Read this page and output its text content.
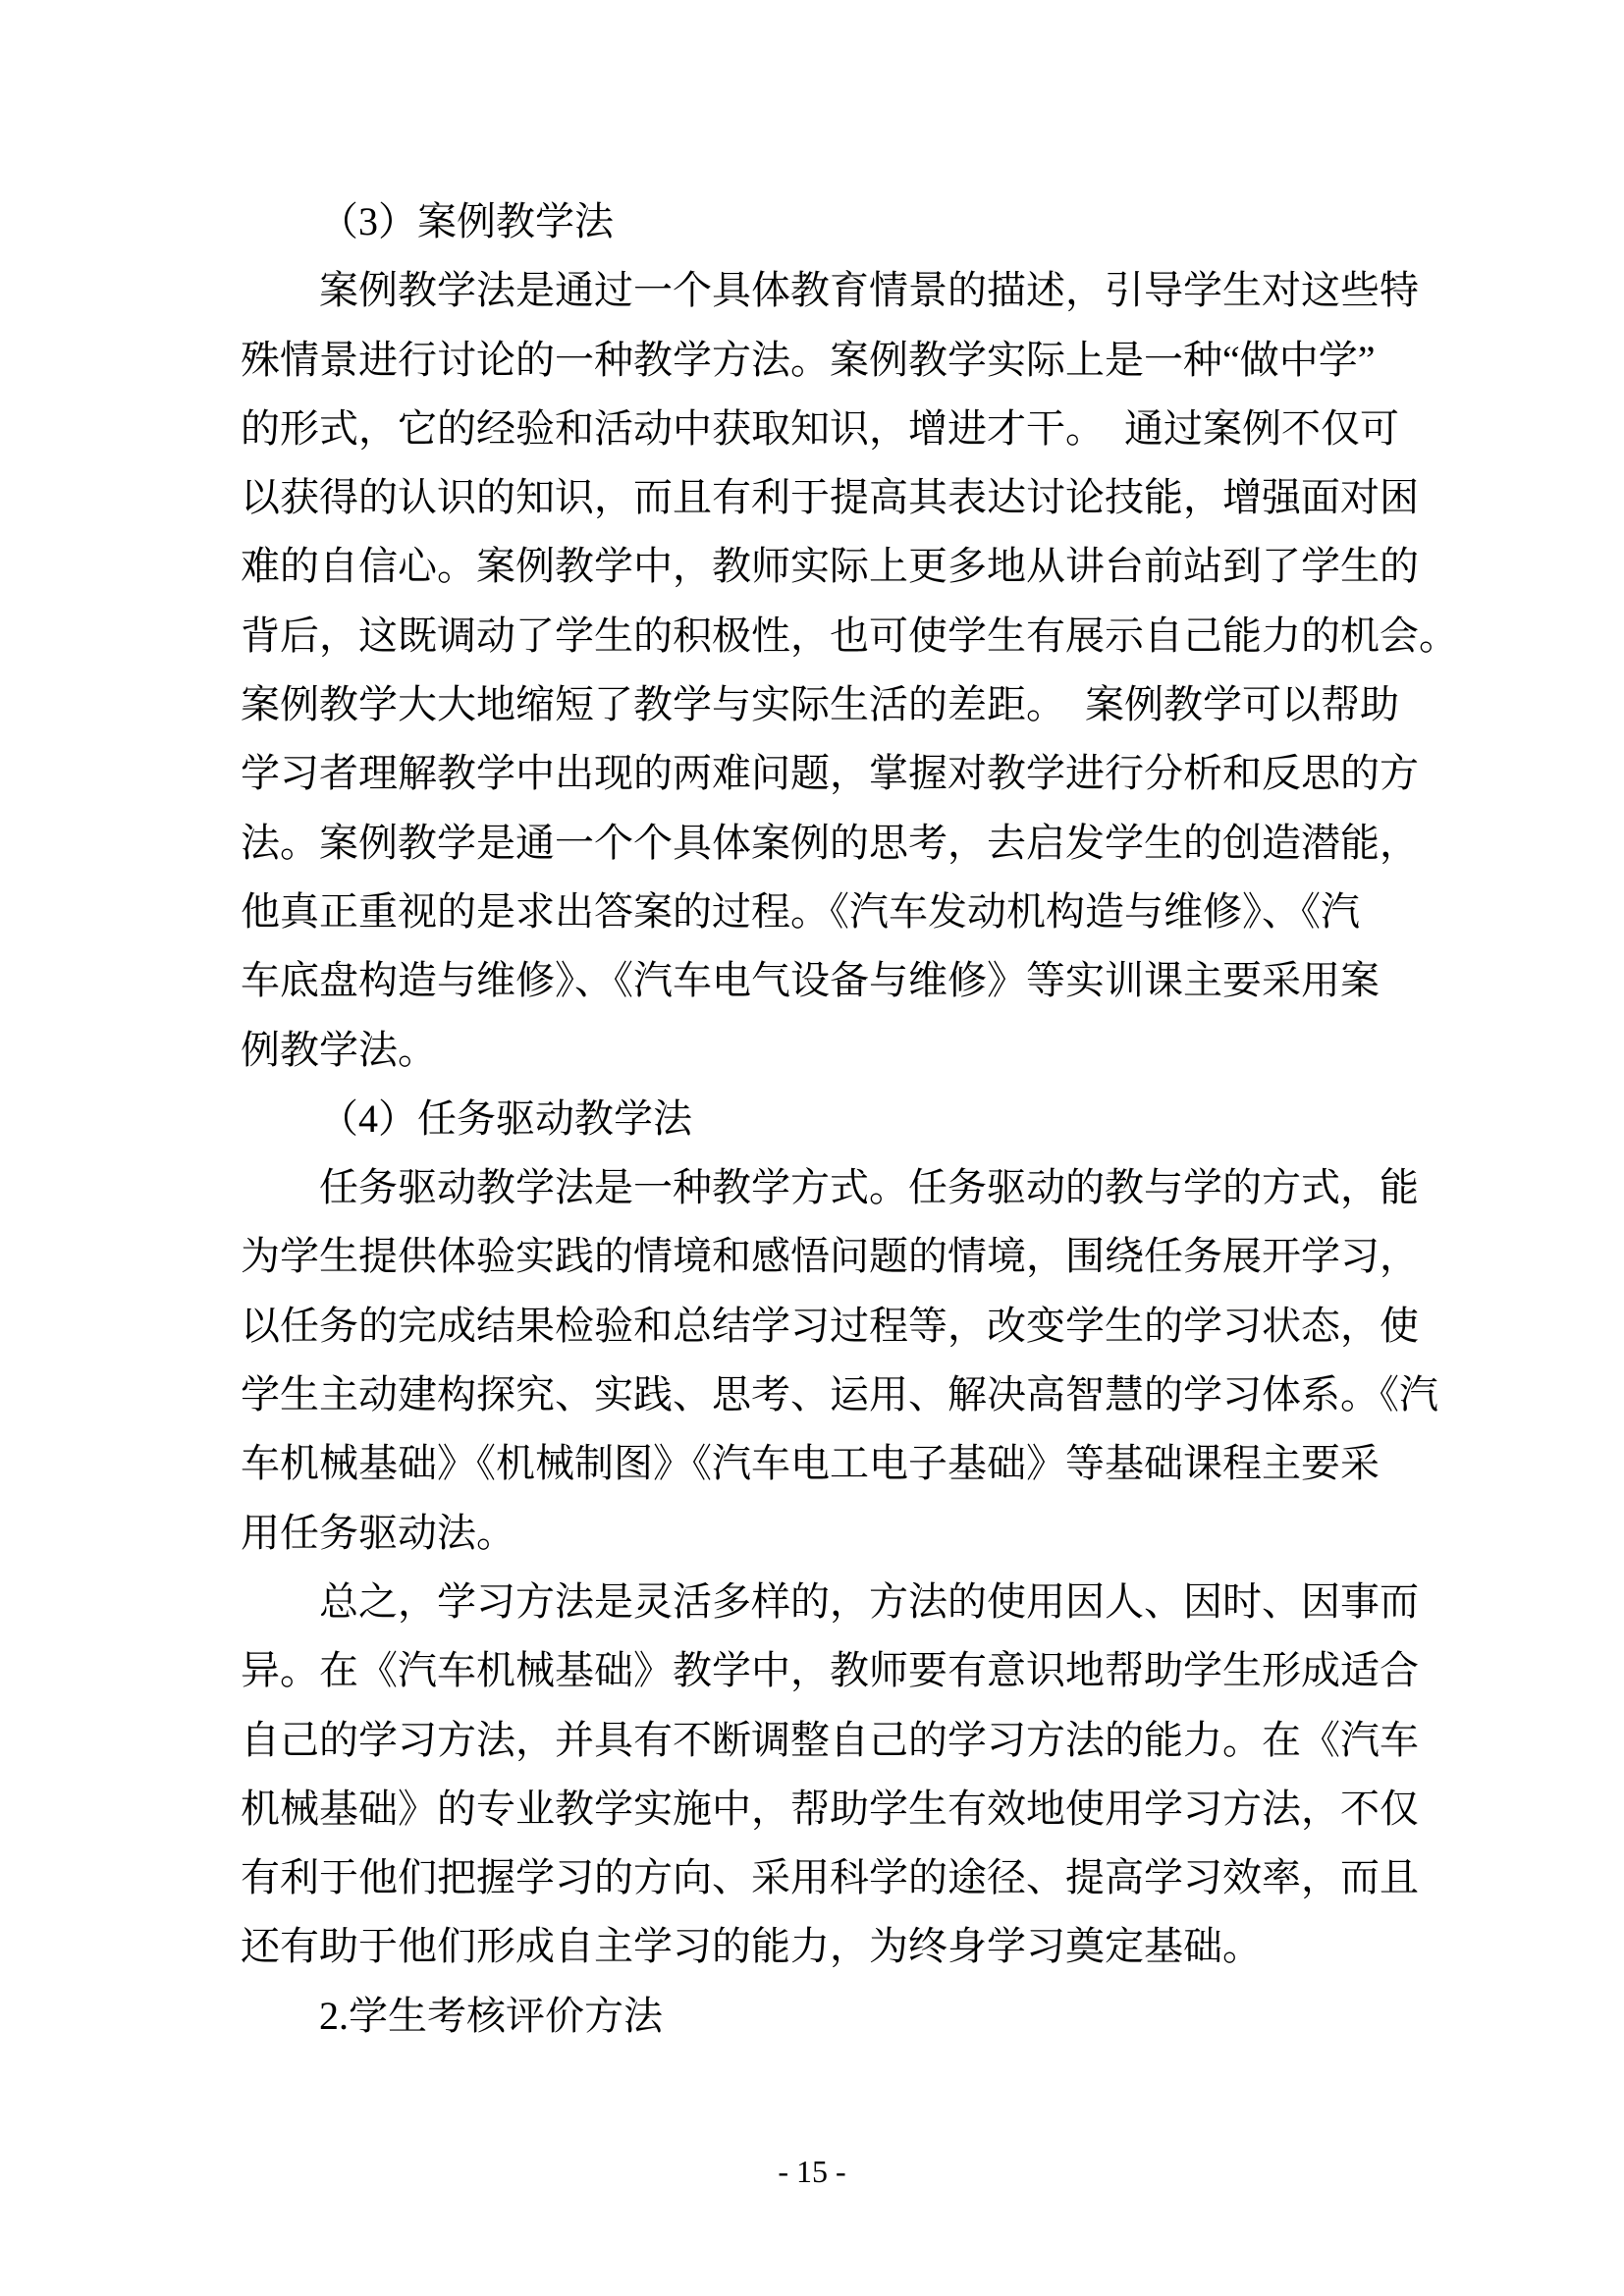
（3）案例教学法
案例教学法是通过一个具体教育情景的描述，引导学生对这些特
殊情景进行讨论的一种教学方法。案例教学实际上是一种“做中学”
的形式，它的经验和活动中获取知识，增进才干。　通过案例不仅可
以获得的认识的知识，而且有利于提高其表达讨论技能，增强面对困
难的自信心。案例教学中，教师实际上更多地从讲台前站到了学生的
背后，这既调动了学生的积极性，也可使学生有展示自己能力的机会。
案例教学大大地缩短了教学与实际生活的差距。　案例教学可以帮助
学习者理解教学中出现的两难问题，掌握对教学进行分析和反思的方
法。案例教学是通一个个具体案例的思考，去启发学生的创造潜能，
他真正重视的是求出答案的过程。《汽车发动机构造与维修》、《汽
车底盘构造与维修》、《汽车电气设备与维修》等实训课主要采用案
例教学法。
（4）任务驱动教学法
任务驱动教学法是一种教学方式。任务驱动的教与学的方式，能
为学生提供体验实践的情境和感悟问题的情境，围绕任务展开学习，
以任务的完成结果检验和总结学习过程等，改变学生的学习状态，使
学生主动建构探究、实践、思考、运用、解决高智慧的学习体系。《汽
车机械基础》《机械制图》《汽车电工电子基础》等基础课程主要采
用任务驱动法。
总之，学习方法是灵活多样的，方法的使用因人、因时、因事而
异。在《汽车机械基础》教学中，教师要有意识地帮助学生形成适合
自己的学习方法，并具有不断调整自己的学习方法的能力。在《汽车
机械基础》的专业教学实施中，帮助学生有效地使用学习方法，不仅
有利于他们把握学习的方向、采用科学的途径、提高学习效率，而且
还有助于他们形成自主学习的能力，为终身学习奠定基础。
2.学生考核评价方法
- 15 -
